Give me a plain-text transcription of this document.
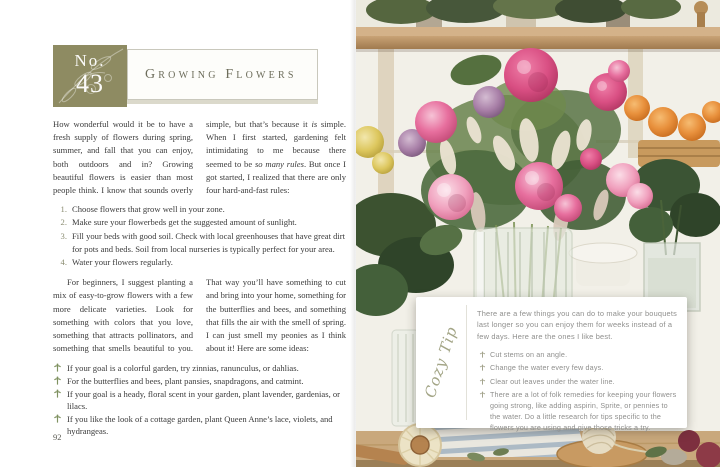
No.
43	Growing Flowers

How wonderful would it be to have a fresh supply of flowers during spring, summer, and fall that you can enjoy, both outdoors and in? Growing beautiful flowers is easier than most people think. I know that sounds overly simple, but that’s because it is simple. When I first started, gardening felt intimidating to me because there seemed to be so many rules. But once I got started, I realized that there are only four hard-and-fast rules:

1. Choose flowers that grow well in your zone.
2. Make sure your flowerbeds get the suggested amount of sunlight.
3. Fill your beds with good soil. Check with local greenhouses that have great dirt for pots and beds. Soil from local nurseries is typically perfect for your area.
4. Water your flowers regularly.

For beginners, I suggest planting a mix of easy-to-grow flowers with a few more delicate varieties. Look for something with colors that you love, something that attracts pollinators, and something that smells beautiful to you. That way you’ll have something to cut and bring into your home, something for the butterflies and bees, and something that fills the air with the smell of spring. I can just smell my peonies as I think about it! Here are some ideas:

If your goal is a colorful garden, try zinnias, ranunculus, or dahlias.
For the butterflies and bees, plant pansies, snapdragons, and catmint.
If your goal is a heady, floral scent in your garden, plant lavender, gardenias, or lilacs.
If you like the look of a cottage garden, plant Queen Anne’s lace, violets, and hydrangeas.
92
Cozy Tip

There are a few things you can do to make your bouquets last longer so you can enjoy them for weeks instead of a few days. Here are the ones I like best.

Cut stems on an angle.
Change the water every few days.
Clear out leaves under the water line.
There are a lot of folk remedies for keeping your flowers going strong, like adding aspirin, Sprite, or pennies to the water. Do a little research for tips specific to the flowers you are using and give those tricks a try.
